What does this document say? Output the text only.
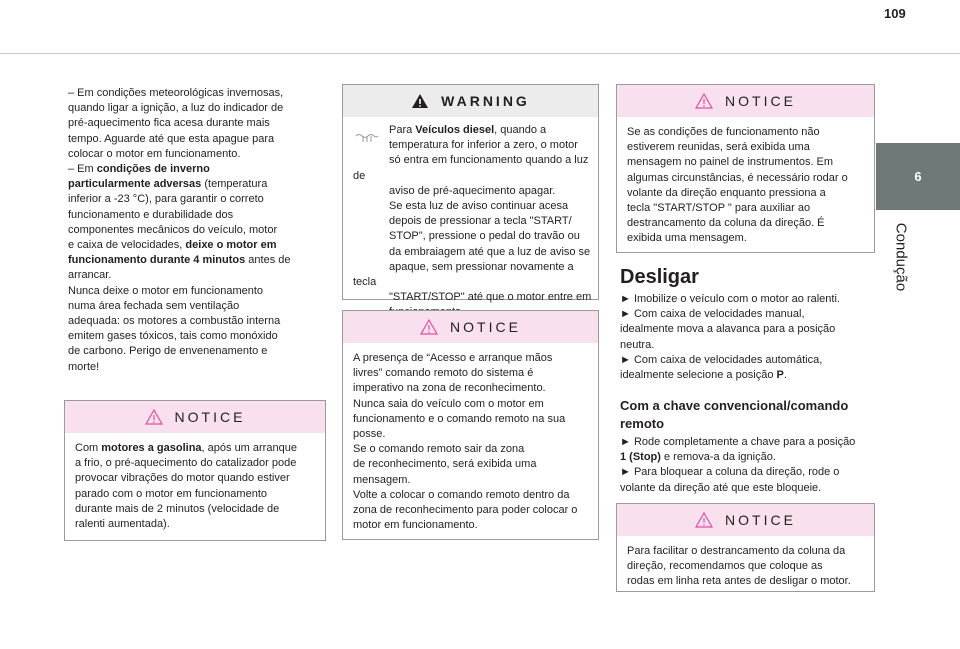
109
6
Condução
– Em condições meteorológicas invernosas,
quando ligar a ignição, a luz do indicador de
pré-aquecimento fica acesa durante mais
tempo. Aguarde até que esta apague para
colocar o motor em funcionamento.
– Em condições de inverno
particularmente adversas (temperatura
inferior a -23 °C), para garantir o correto
funcionamento e durabilidade dos
componentes mecânicos do veículo, motor
e caixa de velocidades, deixe o motor em
funcionamento durante 4 minutos antes de
arrancar.
Nunca deixe o motor em funcionamento
numa área fechada sem ventilação
adequada: os motores a combustão interna
emitem gases tóxicos, tais como monóxido
de carbono. Perigo de envenenamento e
morte!
NOTICE
Com motores a gasolina, após um arranque
a frio, o pré-aquecimento do catalizador pode
provocar vibrações do motor quando estiver
parado com o motor em funcionamento
durante mais de 2 minutos (velocidade de
ralenti aumentada).
WARNING
Para Veículos diesel, quando a
temperatura for inferior a zero, o motor
só entra em funcionamento quando a luz de
aviso de pré-aquecimento apagar.
Se esta luz de aviso continuar acesa
depois de pressionar a tecla "START/
STOP", pressione o pedal do travão ou
da embraiagem até que a luz de aviso se
apaque, sem pressionar novamente a tecla
"START/STOP" até que o motor entre em
NOTICE
A presença de “Acesso e arranque mãos
livres” comando remoto do sistema é
imperativo na zona de reconhecimento.
Nunca saia do veículo com o motor em
funcionamento e o comando remoto na sua
posse.
Se o comando remoto sair da zona
de reconhecimento, será exibida uma
mensagem.
Volte a colocar o comando remoto dentro da
zona de reconhecimento para poder colocar o
motor em funcionamento.
NOTICE
Se as condições de funcionamento não
estiverem reunidas, será exibida uma
mensagem no painel de instrumentos. Em
algumas circunstâncias, é necessário rodar o
volante da direção enquanto pressiona a
tecla "START/STOP " para auxiliar ao
destrancamento da coluna da direção. É
exibida uma mensagem.
Desligar
► Imobilize o veículo com o motor ao ralenti.
► Com caixa de velocidades manual,
idealmente mova a alavanca para a posição
neutra.
► Com caixa de velocidades automática,
idealmente selecione a posição P.
Com a chave convencional/comando remoto
► Rode completamente a chave para a posição
1 (Stop) e remova-a da ignição.
► Para bloquear a coluna da direção, rode o
volante da direção até que este bloqueie.
NOTICE
Para facilitar o destrancamento da coluna da
direção, recomendamos que coloque as
rodas em linha reta antes de desligar o motor.
